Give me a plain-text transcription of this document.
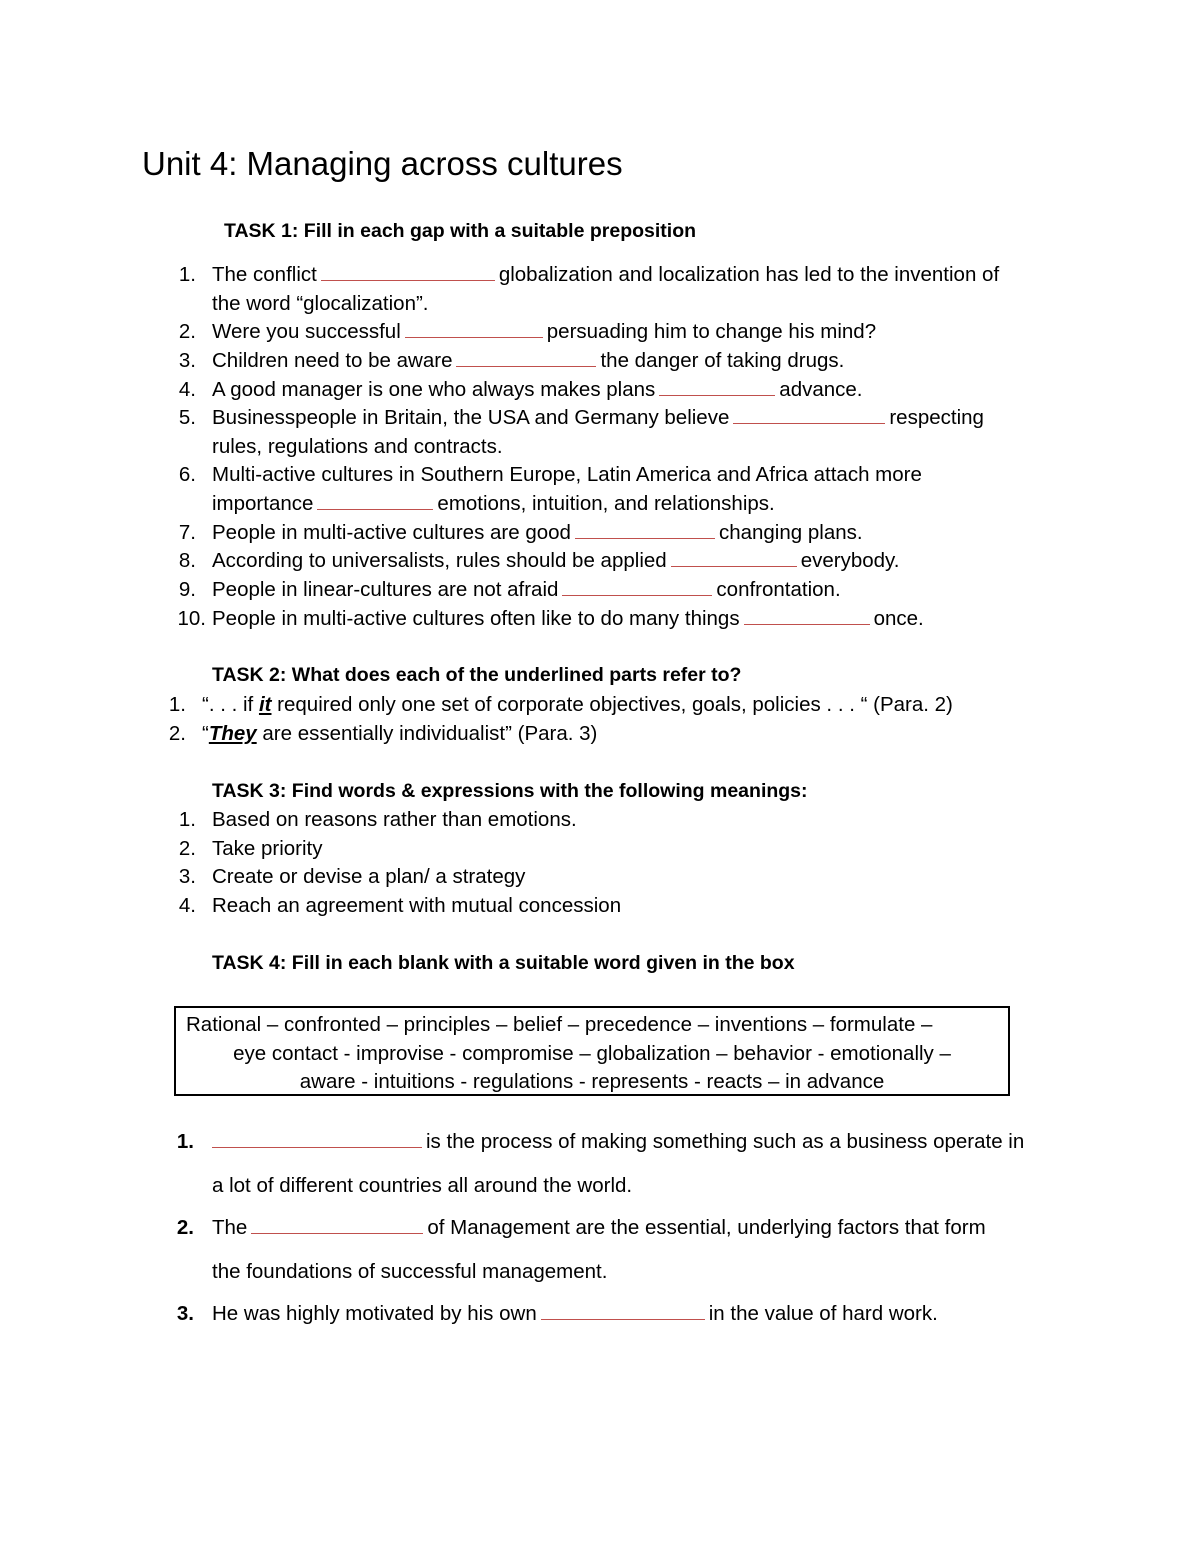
Unit 4: Managing across cultures
TASK 1: Fill in each gap with a suitable preposition
1. The conflict	globalization and localization has led to the invention of
the word “glocalization”.
2. Were you successful	persuading him to change his mind?
3. Children need to be aware	the danger of taking drugs.
4. A good manager is one who always makes plans	advance.
5. Businesspeople in Britain, the USA and Germany believe	respecting
rules, regulations and contracts.
6. Multi-active cultures in Southern Europe, Latin America and Africa attach more
importance	emotions, intuition, and relationships.
7. People in multi-active cultures are good	changing plans.
8. According to universalists, rules should be applied	everybody.
9. People in linear-cultures are not afraid	confrontation.
10. People in multi-active cultures often like to do many things	once.
TASK 2: What does each of the underlined parts refer to?
1. “. . . if it required only one set of corporate objectives, goals, policies . . . “ (Para. 2)
2. “They are essentially individualist” (Para. 3)
TASK 3: Find words & expressions with the following meanings:
1. Based on reasons rather than emotions.
2. Take priority
3. Create or devise a plan/ a strategy
4. Reach an agreement with mutual concession
TASK 4: Fill in each blank with a suitable word given in the box
Rational – confronted – principles – belief – precedence – inventions – formulate –
eye contact - improvise - compromise – globalization – behavior - emotionally –
aware - intuitions - regulations - represents - reacts – in advance
1.	is the process of making something such as a business operate in
a lot of different countries all around the world.
2. The	of Management are the essential, underlying factors that form
the foundations of successful management.
3. He was highly motivated by his own	in the value of hard work.
